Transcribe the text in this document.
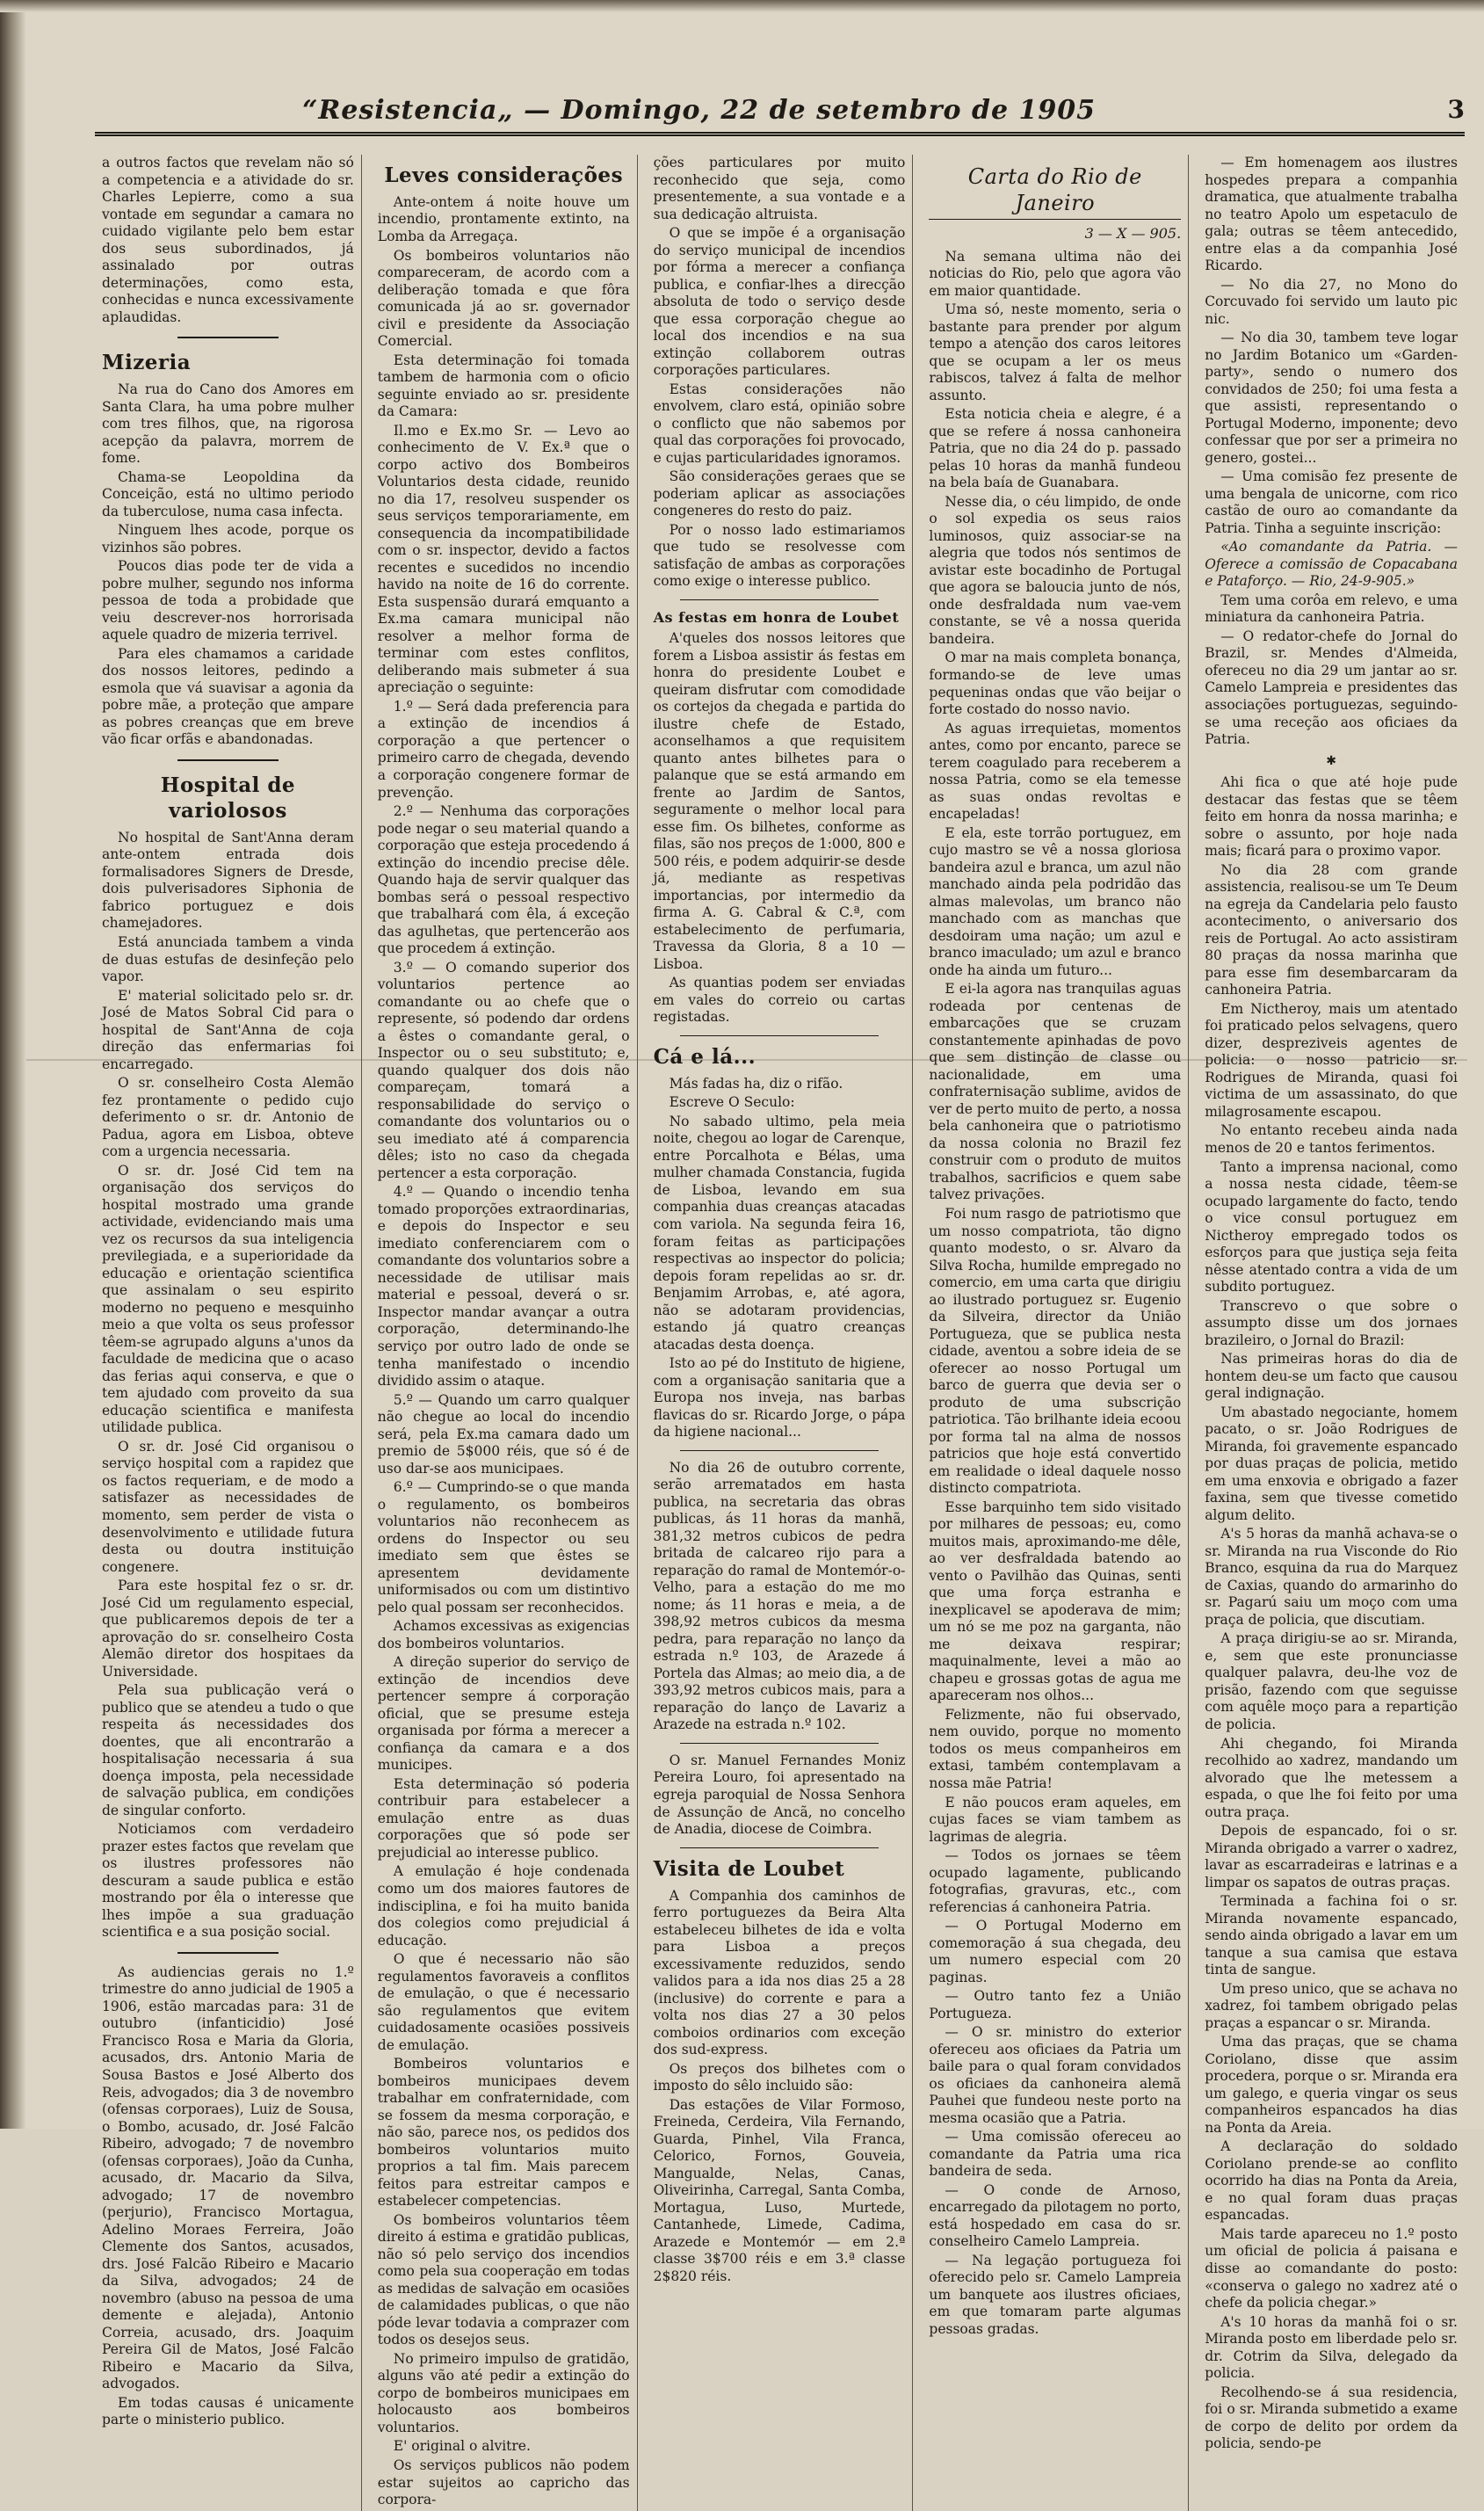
“Resistencia„ — Domingo, 22 de setembro de 1905	3

a outros factos que revelam não só a competencia e a atividade do sr. Charles Lepierre, como a sua vontade em segundar a camara no cuidado vigilante pelo bem estar dos seus subordinados, já assinalado por outras determinações, como esta, conhecidas e nunca excessivamente aplaudidas.

Mizeria

Na rua do Cano dos Amores em Santa Clara, ha uma pobre mulher com tres filhos, que, na rigorosa acepção da palavra, morrem de fome.

Chama-se Leopoldina da Conceição, está no ultimo periodo da tuberculose, numa casa infecta.

Ninguem lhes acode, porque os vizinhos são pobres.

Poucos dias pode ter de vida a pobre mulher, segundo nos informa pessoa de toda a probidade que veiu descrever-nos horrorisada aquele quadro de mizeria terrivel.

Para eles chamamos a caridade dos nossos leitores, pedindo a esmola que vá suavisar a agonia da pobre mãe, a proteção que ampare as pobres creanças que em breve vão ficar orfãs e abandonadas.

Hospital de variolosos

No hospital de Sant'Anna deram ante-ontem entrada dois formalisadores Signers de Dresde, dois pulverisadores Siphonia de fabrico portuguez e dois chamejadores.

Está anunciada tambem a vinda de duas estufas de desinfeção pelo vapor.

E' material solicitado pelo sr. dr. José de Matos Sobral Cid para o hospital de Sant'Anna de coja direção das enfermarias foi encarregado.

O sr. conselheiro Costa Alemão fez prontamente o pedido cujo deferimento o sr. dr. Antonio de Padua, agora em Lisboa, obteve com a urgencia necessaria.

O sr. dr. José Cid tem na organisação dos serviços do hospital mostrado uma grande actividade, evidenciando mais uma vez os recursos da sua inteligencia previlegiada, e a superioridade da educação e orientação scientifica que assinalam o seu espirito moderno no pequeno e mesquinho meio a que volta os seus professor têem-se agrupado alguns a'unos da faculdade de medicina que o acaso das ferias aqui conserva, e que o tem ajudado com proveito da sua educação scientifica e manifesta utilidade publica.

O sr. dr. José Cid organisou o serviço hospital com a rapidez que os factos requeriam, e de modo a satisfazer as necessidades de momento, sem perder de vista o desenvolvimento e utilidade futura desta ou doutra instituição congenere.

Para este hospital fez o sr. dr. José Cid um regulamento especial, que publicaremos depois de ter a aprovação do sr. conselheiro Costa Alemão diretor dos hospitaes da Universidade.

Pela sua publicação verá o publico que se atendeu a tudo o que respeita ás necessidades dos doentes, que ali encontrarão a hospitalisação necessaria á sua doença imposta, pela necessidade de salvação publica, em condições de singular conforto.

Noticiamos com verdadeiro prazer estes factos que revelam que os ilustres professores não descuram a saude publica e estão mostrando por êla o interesse que lhes impõe a sua graduação scientifica e a sua posição social.

As audiencias gerais no 1.º trimestre do anno judicial de 1905 a 1906, estão marcadas para: 31 de outubro (infanticidio) José Francisco Rosa e Maria da Gloria, acusados, drs. Antonio Maria de Sousa Bastos e José Alberto dos Reis, advogados; dia 3 de novembro (ofensas corporaes), Luiz de Sousa, o Bombo, acusado, dr. José Falcão Ribeiro, advogado; 7 de novembro (ofensas corporaes), João da Cunha, acusado, dr. Macario da Silva, advogado; 17 de novembro (perjurio), Francisco Mortagua, Adelino Moraes Ferreira, João Clemente dos Santos, acusados, drs. José Falcão Ribeiro e Macario da Silva, advogados; 24 de novembro (abuso na pessoa de uma demente e alejada), Antonio Correia, acusado, drs. Joaquim Pereira Gil de Matos, José Falcão Ribeiro e Macario da Silva, advogados.

Em todas causas é unicamente parte o ministerio publico.

Leves considerações

Ante-ontem á noite houve um incendio, prontamente extinto, na Lomba da Arregaça.

Os bombeiros voluntarios não compareceram, de acordo com a deliberação tomada e que fôra comunicada já ao sr. governador civil e presidente da Associação Comercial.

Esta determinação foi tomada tambem de harmonia com o oficio seguinte enviado ao sr. presidente da Camara:

Il.mo e Ex.mo Sr. — Levo ao conhecimento de V. Ex.ª que o corpo activo dos Bombeiros Voluntarios desta cidade, reunido no dia 17, resolveu suspender os seus serviços temporariamente, em consequencia da incompatibilidade com o sr. inspector, devido a factos recentes e sucedidos no incendio havido na noite de 16 do corrente. Esta suspensão durará emquanto a Ex.ma camara municipal não resolver a melhor forma de terminar com estes conflitos, deliberando mais submeter á sua apreciação o seguinte:

1.º — Será dada preferencia para a extinção de incendios á corporação a que pertencer o primeiro carro de chegada, devendo a corporação congenere formar de prevenção.

2.º — Nenhuma das corporações pode negar o seu material quando a corporação que esteja procedendo á extinção do incendio precise dêle. Quando haja de servir qualquer das bombas será o pessoal respectivo que trabalhará com êla, á exceção das agulhetas, que pertencerão aos que procedem á extinção.

3.º — O comando superior dos voluntarios pertence ao comandante ou ao chefe que o represente, só podendo dar ordens a êstes o comandante geral, o Inspector ou o seu substituto; e, quando qualquer dos dois não compareçam, tomará a responsabilidade do serviço o comandante dos voluntarios ou o seu imediato até á comparencia dêles; isto no caso da chegada pertencer a esta corporação.

4.º — Quando o incendio tenha tomado proporções extraordinarias, e depois do Inspector e seu imediato conferenciarem com o comandante dos voluntarios sobre a necessidade de utilisar mais material e pessoal, deverá o sr. Inspector mandar avançar a outra corporação, determinando-lhe serviço por outro lado de onde se tenha manifestado o incendio dividido assim o ataque.

5.º — Quando um carro qualquer não chegue ao local do incendio será, pela Ex.ma camara dado um premio de 5$000 réis, que só é de uso dar-se aos municipaes.

6.º — Cumprindo-se o que manda o regulamento, os bombeiros voluntarios não reconhecem as ordens do Inspector ou seu imediato sem que êstes se apresentem devidamente uniformisados ou com um distintivo pelo qual possam ser reconhecidos.

Achamos excessivas as exigencias dos bombeiros voluntarios.

A direção superior do serviço de extinção de incendios deve pertencer sempre á corporação oficial, que se presume esteja organisada por fórma a merecer a confiança da camara e a dos municipes.

Esta determinação só poderia contribuir para estabelecer a emulação entre as duas corporações que só pode ser prejudicial ao interesse publico.

A emulação é hoje condenada como um dos maiores fautores de indisciplina, e foi ha muito banida dos colegios como prejudicial á educação.

O que é necessario não são regulamentos favoraveis a conflitos de emulação, o que é necessario são regulamentos que evitem cuidadosamente ocasiões possiveis de emulação.

Bombeiros voluntarios e bombeiros municipaes devem trabalhar em confraternidade, com se fossem da mesma corporação, e não são, parece nos, os pedidos dos bombeiros voluntarios muito proprios a tal fim. Mais parecem feitos para estreitar campos e estabelecer competencias.

Os bombeiros voluntarios têem direito á estima e gratidão publicas, não só pelo serviço dos incendios como pela sua cooperação em todas as medidas de salvação em ocasiões de calamidades publicas, o que não póde levar todavia a comprazer com todos os desejos seus.

No primeiro impulso de gratidão, alguns vão até pedir a extinção do corpo de bombeiros municipaes em holocausto aos bombeiros voluntarios.

E' original o alvitre.

Os serviços publicos não podem estar sujeitos ao capricho das corpora-

ções particulares por muito reconhecido que seja, como presentemente, a sua vontade e a sua dedicação altruista.

O que se impõe é a organisação do serviço municipal de incendios por fórma a merecer a confiança publica, e confiar-lhes a direcção absoluta de todo o serviço desde que essa corporação chegue ao local dos incendios e na sua extinção collaborem outras corporações particulares.

Estas considerações não envolvem, claro está, opinião sobre o conflicto que não sabemos por qual das corporações foi provocado, e cujas particularidades ignoramos.

São considerações geraes que se poderiam aplicar as associações congeneres do resto do paiz.

Por o nosso lado estimariamos que tudo se resolvesse com satisfação de ambas as corporações como exige o interesse publico.

As festas em honra de Loubet

A'queles dos nossos leitores que forem a Lisboa assistir ás festas em honra do presidente Loubet e queiram disfrutar com comodidade os cortejos da chegada e partida do ilustre chefe de Estado, aconselhamos a que requisitem quanto antes bilhetes para o palanque que se está armando em frente ao Jardim de Santos, seguramente o melhor local para esse fim. Os bilhetes, conforme as filas, são nos preços de 1:000, 800 e 500 réis, e podem adquirir-se desde já, mediante as respetivas importancias, por intermedio da firma A. G. Cabral & C.ª, com estabelecimento de perfumaria, Travessa da Gloria, 8 a 10 — Lisboa.

As quantias podem ser enviadas em vales do correio ou cartas registadas.

Cá e lá...

Más fadas ha, diz o rifão.

Escreve O Seculo:

No sabado ultimo, pela meia noite, chegou ao logar de Carenque, entre Porcalhota e Bélas, uma mulher chamada Constancia, fugida de Lisboa, levando em sua companhia duas creanças atacadas com variola. Na segunda feira 16, foram feitas as participações respectivas ao inspector do policia; depois foram repelidas ao sr. dr. Benjamim Arrobas, e, até agora, não se adotaram providencias, estando já quatro creanças atacadas desta doença.

Isto ao pé do Instituto de higiene, com a organisação sanitaria que a Europa nos inveja, nas barbas flavicas do sr. Ricardo Jorge, o pápa da higiene nacional...

No dia 26 de outubro corrente, serão arrematados em hasta publica, na secretaria das obras publicas, ás 11 horas da manhã, 381,32 metros cubicos de pedra britada de calcareo rijo para a reparação do ramal de Montemór-o-Velho, para a estação do me mo nome; ás 11 horas e meia, a de 398,92 metros cubicos da mesma pedra, para reparação no lanço da estrada n.º 103, de Arazede á Portela das Almas; ao meio dia, a de 393,92 metros cubicos mais, para a reparação do lanço de Lavariz a Arazede na estrada n.º 102.

O sr. Manuel Fernandes Moniz Pereira Louro, foi apresentado na egreja paroquial de Nossa Senhora de Assunção de Ancã, no concelho de Anadia, diocese de Coimbra.

Visita de Loubet

A Companhia dos caminhos de ferro portuguezes da Beira Alta estabeleceu bilhetes de ida e volta para Lisboa a preços excessivamente reduzidos, sendo validos para a ida nos dias 25 a 28 (inclusive) do corrente e para a volta nos dias 27 a 30 pelos comboios ordinarios com exceção dos sud-express.

Os preços dos bilhetes com o imposto do sêlo incluido são:

Das estações de Vilar Formoso, Freineda, Cerdeira, Vila Fernando, Guarda, Pinhel, Vila Franca, Celorico, Fornos, Gouveia, Mangualde, Nelas, Canas, Oliveirinha, Carregal, Santa Comba, Mortagua, Luso, Murtede, Cantanhede, Limede, Cadima, Arazede e Montemór — em 2.ª classe 3$700 réis e em 3.ª classe 2$820 réis.

Carta do Rio de Janeiro
3 — X — 905.

Na semana ultima não dei noticias do Rio, pelo que agora vão em maior quantidade.

Uma só, neste momento, seria o bastante para prender por algum tempo a atenção dos caros leitores que se ocupam a ler os meus rabiscos, talvez á falta de melhor assunto.

Esta noticia cheia e alegre, é a que se refere á nossa canhoneira Patria, que no dia 24 do p. passado pelas 10 horas da manhã fundeou na bela baía de Guanabara.

Nesse dia, o céu limpido, de onde o sol expedia os seus raios luminosos, quiz associar-se na alegria que todos nós sentimos de avistar este bocadinho de Portugal que agora se baloucia junto de nós, onde desfraldada num vae-vem constante, se vê a nossa querida bandeira.

O mar na mais completa bonança, formando-se de leve umas pequeninas ondas que vão beijar o forte costado do nosso navio.

As aguas irrequietas, momentos antes, como por encanto, parece se terem coagulado para receberem a nossa Patria, como se ela temesse as suas ondas revoltas e encapeladas!

E ela, este torrão portuguez, em cujo mastro se vê a nossa gloriosa bandeira azul e branca, um azul não manchado ainda pela podridão das almas malevolas, um branco não manchado com as manchas que desdoiram uma nação; um azul e branco imaculado; um azul e branco onde ha ainda um futuro...

E ei-la agora nas tranquilas aguas rodeada por centenas de embarcações que se cruzam constantemente apinhadas de povo que sem distinção de classe ou nacionalidade, em uma confraternisação sublime, avidos de ver de perto muito de perto, a nossa bela canhoneira que o patriotismo da nossa colonia no Brazil fez construir com o produto de muitos trabalhos, sacrificios e quem sabe talvez privações.

Foi num rasgo de patriotismo que um nosso compatriota, tão digno quanto modesto, o sr. Alvaro da Silva Rocha, humilde empregado no comercio, em uma carta que dirigiu ao ilustrado portuguez sr. Eugenio da Silveira, director da União Portugueza, que se publica nesta cidade, aventou a sobre ideia de se oferecer ao nosso Portugal um barco de guerra que devia ser o produto de uma subscrição patriotica. Tão brilhante ideia ecoou por forma tal na alma de nossos patricios que hoje está convertido em realidade o ideal daquele nosso distincto compatriota.

Esse barquinho tem sido visitado por milhares de pessoas; eu, como muitos mais, aproximando-me dêle, ao ver desfraldada batendo ao vento o Pavilhão das Quinas, senti que uma força estranha e inexplicavel se apoderava de mim; um nó se me poz na garganta, não me deixava respirar; maquinalmente, levei a mão ao chapeu e grossas gotas de agua me apareceram nos olhos...

Felizmente, não fui observado, nem ouvido, porque no momento todos os meus companheiros em extasi, também contemplavam a nossa mãe Patria!

E não poucos eram aqueles, em cujas faces se viam tambem as lagrimas de alegria.

— Todos os jornaes se têem ocupado lagamente, publicando fotografias, gravuras, etc., com referencias á canhoneira Patria.

— O Portugal Moderno em comemoração á sua chegada, deu um numero especial com 20 paginas.

— Outro tanto fez a União Portugueza.

— O sr. ministro do exterior ofereceu aos oficiaes da Patria um baile para o qual foram convidados os oficiaes da canhoneira alemã Pauhei que fundeou neste porto na mesma ocasião que a Patria.

— Uma comissão ofereceu ao comandante da Patria uma rica bandeira de seda.

— O conde de Arnoso, encarregado da pilotagem no porto, está hospedado em casa do sr. conselheiro Camelo Lampreia.

— Na legação portugueza foi oferecido pelo sr. Camelo Lampreia um banquete aos ilustres oficiaes, em que tomaram parte algumas pessoas gradas.

— Em homenagem aos ilustres hospedes prepara a companhia dramatica, que atualmente trabalha no teatro Apolo um espetaculo de gala; outras se têem antecedido, entre elas a da companhia José Ricardo.

— No dia 27, no Mono do Corcuvado foi servido um lauto pic nic.

— No dia 30, tambem teve logar no Jardim Botanico um «Garden-party», sendo o numero dos convidados de 250; foi uma festa a que assisti, representando o Portugal Moderno, imponente; devo confessar que por ser a primeira no genero, gostei...

— Uma comisão fez presente de uma bengala de unicorne, com rico castão de ouro ao comandante da Patria. Tinha a seguinte inscrição:

«Ao comandante da Patria. — Oferece a comissão de Copacabana e Pataforço. — Rio, 24-9-905.»

Tem uma corôa em relevo, e uma miniatura da canhoneira Patria.

— O redator-chefe do Jornal do Brazil, sr. Mendes d'Almeida, ofereceu no dia 29 um jantar ao sr. Camelo Lampreia e presidentes das associações portuguezas, seguindo-se uma receção aos oficiaes da Patria.

✱

Ahi fica o que até hoje pude destacar das festas que se têem feito em honra da nossa marinha; e sobre o assunto, por hoje nada mais; ficará para o proximo vapor.

No dia 28 com grande assistencia, realisou-se um Te Deum na egreja da Candelaria pelo fausto acontecimento, o aniversario dos reis de Portugal. Ao acto assistiram 80 praças da nossa marinha que para esse fim desembarcaram da canhoneira Patria.

Em Nictheroy, mais um atentado foi praticado pelos selvagens, quero dizer, despreziveis agentes de policia: o nosso patricio sr. Rodrigues de Miranda, quasi foi victima de um assassinato, do que milagrosamente escapou.

No entanto recebeu ainda nada menos de 20 e tantos ferimentos.

Tanto a imprensa nacional, como a nossa nesta cidade, têem-se ocupado largamente do facto, tendo o vice consul portuguez em Nictheroy empregado todos os esforços para que justiça seja feita nêsse atentado contra a vida de um subdito portuguez.

Transcrevo o que sobre o assumpto disse um dos jornaes brazileiro, o Jornal do Brazil:

Nas primeiras horas do dia de hontem deu-se um facto que causou geral indignação.

Um abastado negociante, homem pacato, o sr. João Rodrigues de Miranda, foi gravemente espancado por duas praças de policia, metido em uma enxovia e obrigado a fazer faxina, sem que tivesse cometido algum delito.

A's 5 horas da manhã achava-se o sr. Miranda na rua Visconde do Rio Branco, esquina da rua do Marquez de Caxias, quando do armarinho do sr. Pagarú saiu um moço com uma praça de policia, que discutiam.

A praça dirigiu-se ao sr. Miranda, e, sem que este pronunciasse qualquer palavra, deu-lhe voz de prisão, fazendo com que seguisse com aquêle moço para a repartição de policia.

Ahi chegando, foi Miranda recolhido ao xadrez, mandando um alvorado que lhe metessem a espada, o que lhe foi feito por uma outra praça.

Depois de espancado, foi o sr. Miranda obrigado a varrer o xadrez, lavar as escarradeiras e latrinas e a limpar os sapatos de outras praças.

Terminada a fachina foi o sr. Miranda novamente espancado, sendo ainda obrigado a lavar em um tanque a sua camisa que estava tinta de sangue.

Um preso unico, que se achava no xadrez, foi tambem obrigado pelas praças a espancar o sr. Miranda.

Uma das praças, que se chama Coriolano, disse que assim procedera, porque o sr. Miranda era um galego, e queria vingar os seus companheiros espancados ha dias na Ponta da Areia.

A declaração do soldado Coriolano prende-se ao conflito ocorrido ha dias na Ponta da Areia, e no qual foram duas praças espancadas.

Mais tarde apareceu no 1.º posto um oficial de policia á paisana e disse ao comandante do posto: «conserva o galego no xadrez até o chefe da policia chegar.»

A's 10 horas da manhã foi o sr. Miranda posto em liberdade pelo sr. dr. Cotrim da Silva, delegado da policia.

Recolhendo-se á sua residencia, foi o sr. Miranda submetido a exame de corpo de delito por ordem da policia, sendo-pe
